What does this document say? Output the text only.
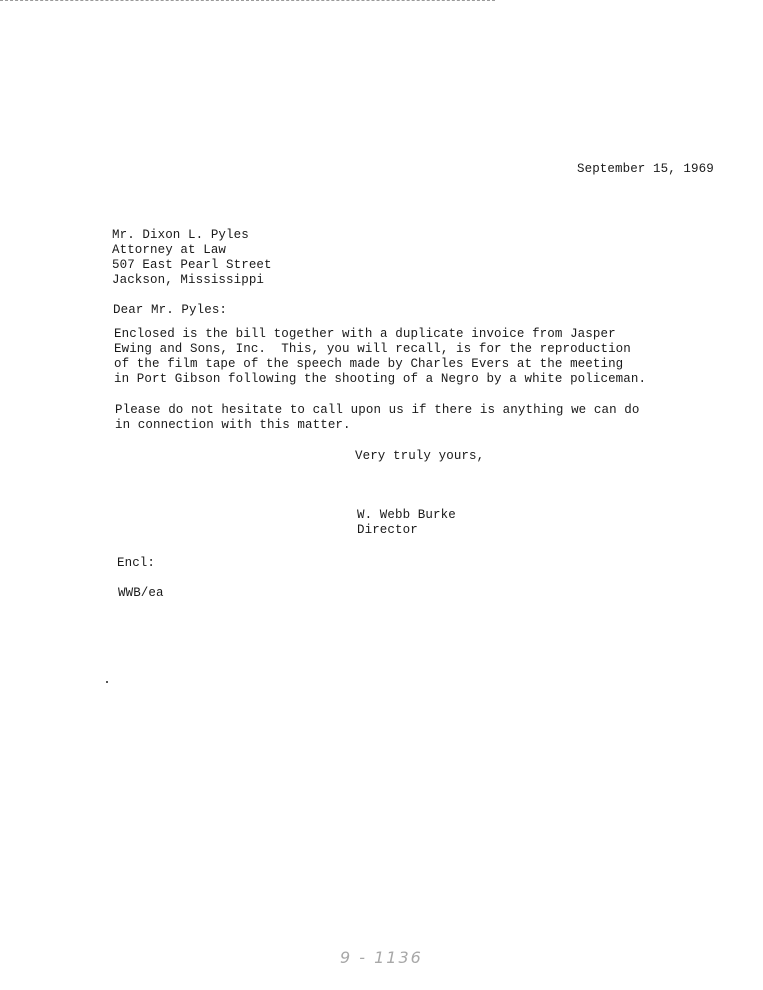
September 15, 1969
Mr. Dixon L. Pyles
Attorney at Law
507 East Pearl Street
Jackson, Mississippi
Dear Mr. Pyles:
Enclosed is the bill together with a duplicate invoice from Jasper
Ewing and Sons, Inc.  This, you will recall, is for the reproduction
of the film tape of the speech made by Charles Evers at the meeting
in Port Gibson following the shooting of a Negro by a white policeman.
Please do not hesitate to call upon us if there is anything we can do
in connection with this matter.
Very truly yours,
W. Webb Burke
Director
Encl:
WWB/ea
9 - 1136
